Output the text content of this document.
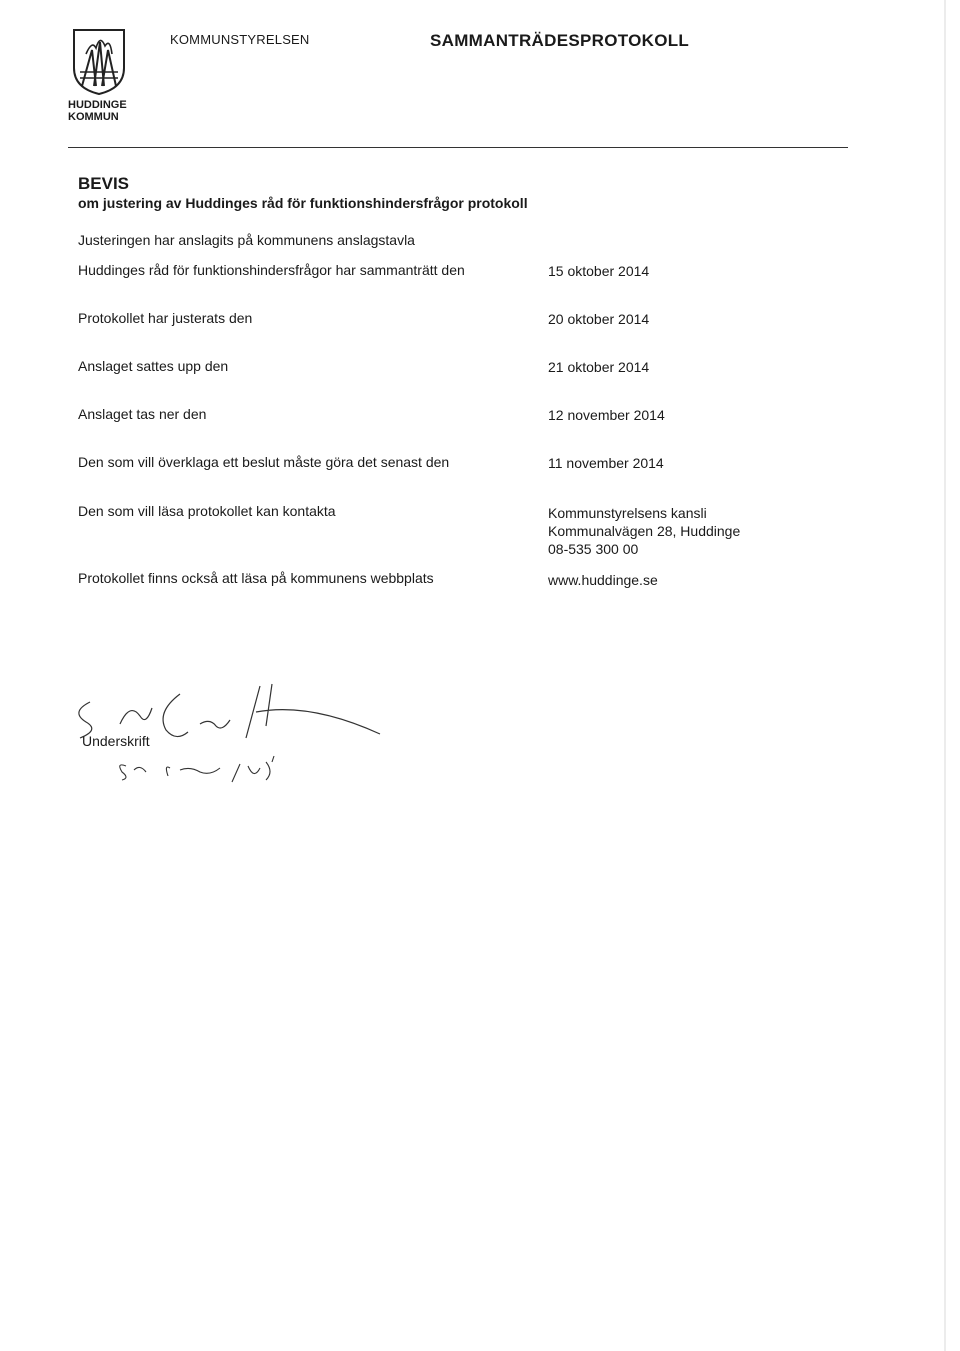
HUDDINGE
KOMMUN
KOMMUNSTYRELSEN	SAMMANTRÄDESPROTOKOLL
BEVIS
om justering av Huddinges råd för funktionshindersfrågor protokoll
Justeringen har anslagits på kommunens anslagstavla
Huddinges råd för funktionshindersfrågor har sammanträtt den	15 oktober 2014
Protokollet har justerats den	20 oktober 2014
Anslaget sattes upp den	21 oktober 2014
Anslaget tas ner den	12 november 2014
Den som vill överklaga ett beslut måste göra det senast den	11 november 2014
Den som vill läsa protokollet kan kontakta	Kommunstyrelsens kansli
Kommunalvägen 28, Huddinge
08-535 300 00
Protokollet finns också att läsa på kommunens webbplats	www.huddinge.se
Underskrift
